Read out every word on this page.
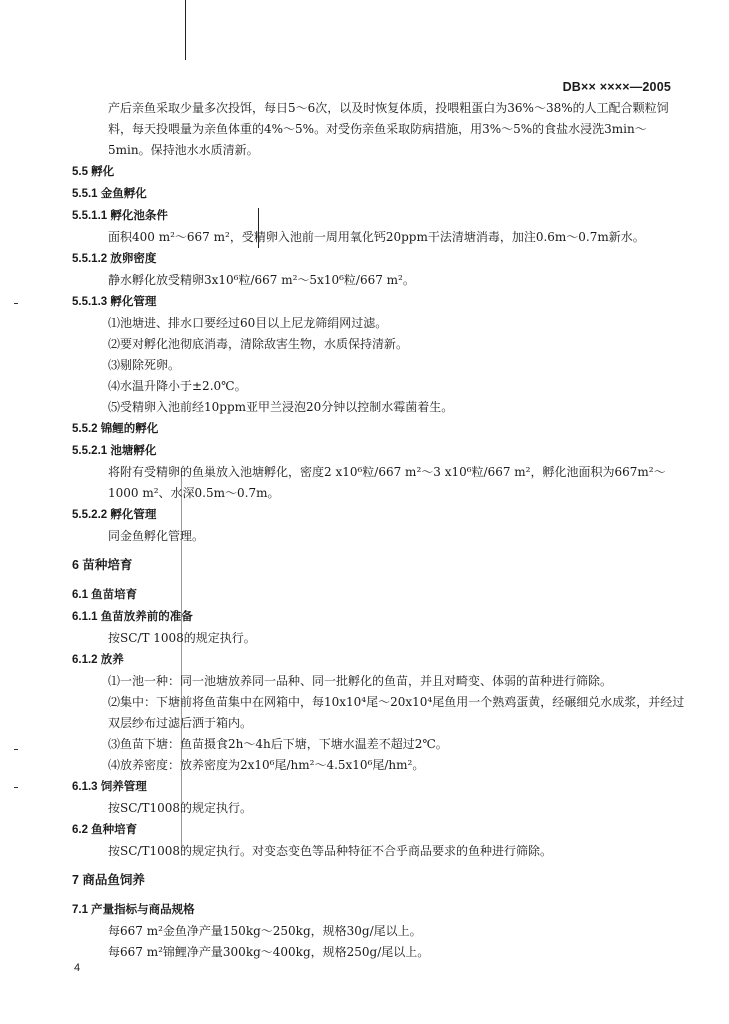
DB×× ××××—2005
产后亲鱼采取少量多次投饵，每日5～6次，以及时恢复体质，投喂粗蛋白为36%～38%的人工配合颗粒饲料，每天投喂量为亲鱼体重的4%～5%。对受伤亲鱼采取防病措施，用3%～5%的食盐水浸洗3min～5min。保持池水水质清新。
5.5 孵化
5.5.1 金鱼孵化
5.5.1.1 孵化池条件
面积400 m²～667 m²，受精卵入池前一周用氧化钙20ppm干法清塘消毒，加注0.6m～0.7m新水。
5.5.1.2 放卵密度
静水孵化放受精卵3x10⁶粒/667 m²～5x10⁶粒/667 m²。
5.5.1.3 孵化管理
⑴池塘进、排水口要经过60目以上尼龙筛绢网过滤。
⑵要对孵化池彻底消毒，清除敌害生物，水质保持清新。
⑶剔除死卵。
⑷水温升降小于±2.0℃。
⑸受精卵入池前经10ppm亚甲兰浸泡20分钟以控制水霉菌着生。
5.5.2 锦鲤的孵化
5.5.2.1 池塘孵化
将附有受精卵的鱼巢放入池塘孵化，密度2 x10⁶粒/667 m²～3 x10⁶粒/667 m²，孵化池面积为667m²～1000 m²、水深0.5m～0.7m。
5.5.2.2 孵化管理
同金鱼孵化管理。
6 苗种培育
6.1 鱼苗培育
6.1.1 鱼苗放养前的准备
按SC/T 1008的规定执行。
6.1.2 放养
⑴一池一种：同一池塘放养同一品种、同一批孵化的鱼苗，并且对畸变、体弱的苗种进行筛除。
⑵集中：下塘前将鱼苗集中在网箱中，每10x10⁴尾～20x10⁴尾鱼用一个熟鸡蛋黄，经碾细兑水成浆，并经过双层纱布过滤后洒于箱内。
⑶鱼苗下塘：鱼苗摄食2h～4h后下塘，下塘水温差不超过2℃。
⑷放养密度：放养密度为2x10⁶尾/hm²～4.5x10⁶尾/hm²。
6.1.3 饲养管理
按SC/T1008的规定执行。
6.2 鱼种培育
按SC/T1008的规定执行。对变态变色等品种特征不合乎商品要求的鱼种进行筛除。
7 商品鱼饲养
7.1 产量指标与商品规格
每667 m²金鱼净产量150kg～250kg，规格30g/尾以上。
每667 m²锦鲤净产量300kg～400kg，规格250g/尾以上。
4
